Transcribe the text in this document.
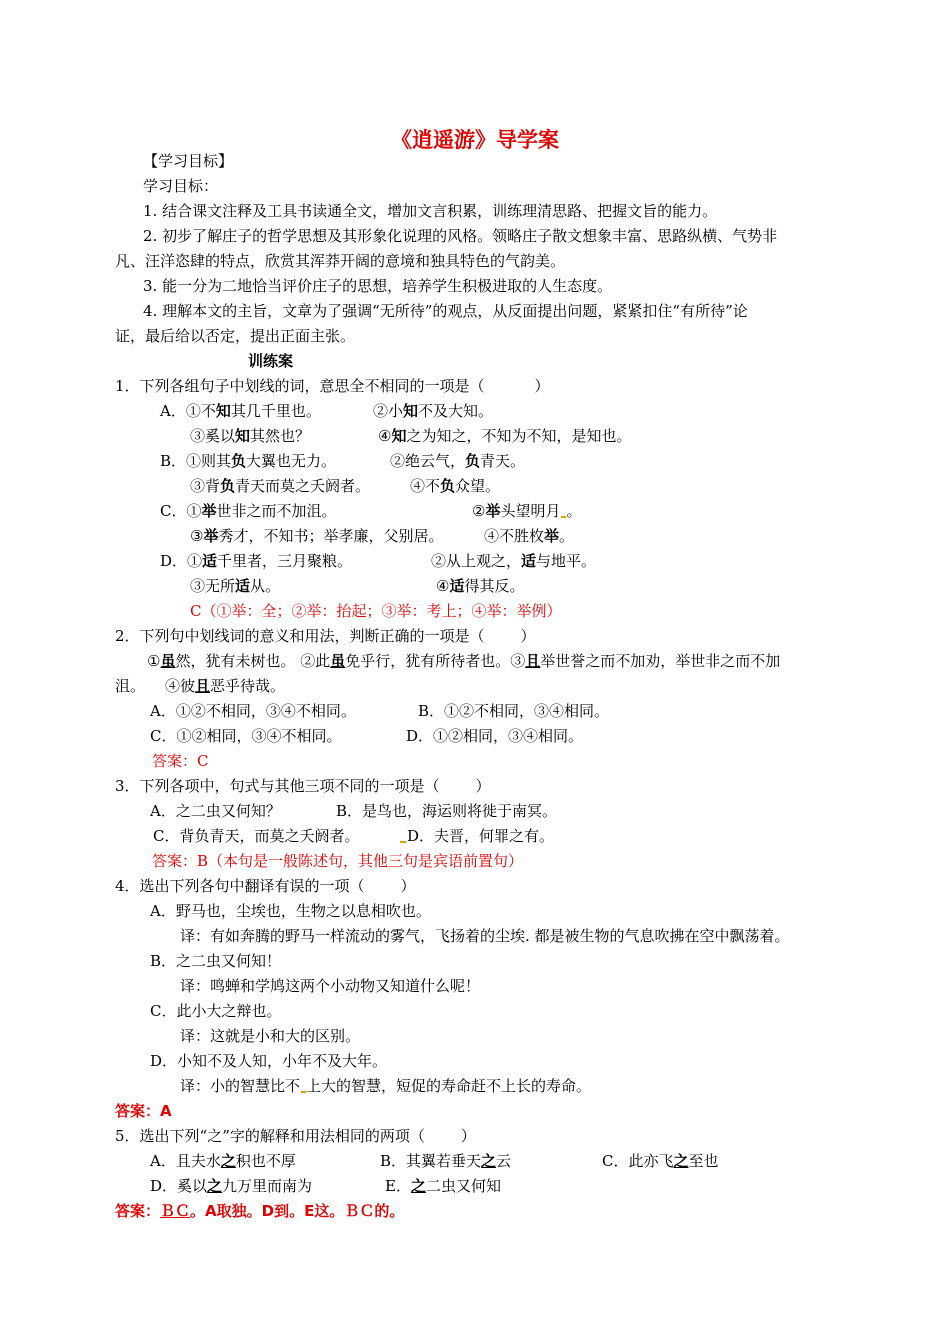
《逍遥游》导学案
【学习目标】
学习目标：
1. 结合课文注释及工具书读通全文，增加文言积累，训练理清思路、把握文旨的能力。
2. 初步了解庄子的哲学思想及其形象化说理的风格。领略庄子散文想象丰富、思路纵横、气势非
凡、汪洋恣肆的特点，欣赏其浑莽开阔的意境和独具特色的气韵美。
3. 能一分为二地恰当评价庄子的思想，培养学生积极进取的人生态度。
4. 理解本文的主旨，文章为了强调“无所待”的观点，从反面提出问题，紧紧扣住“有所待”论
证，最后给以否定，提出正面主张。
训练案
1．下列各组句子中划线的词，意思全不相同的一项是（	）
A．①不知其几千里也。	②小知不及大知。
③奚以知其然也？	④知之为知之，不知为不知，是知也。
B．①则其负大翼也无力。	②绝云气，负青天。
③背负青天而莫之夭阏者。	④不负众望。
C．①举世非之而不加沮。	②举头望明月 。
③举秀才，不知书；举孝廉，父别居。	④不胜枚举。
D．①适千里者，三月聚粮。	②从上观之，适与地平。
③无所适从。	④适得其反。
C（①举：全；②举：抬起；③举：考上；④举：举例）
2．下列句中划线词的意义和用法，判断正确的一项是（ ）
①虽然，犹有未树也。 ②此虽免乎行，犹有所待者也。③且举世誉之而不加劝，举世非之而不加
沮。 ④彼且恶乎待哉。
A．①②不相同，③④不相同。	B．①②不相同，③④相同。
C．①②相同，③④不相同。	D．①②相同，③④相同。
答案：C
3．下列各项中，句式与其他三项不同的一项是（ ）
A．之二虫又何知？	B．是鸟也，海运则将徙于南冥。
C．背负青天，而莫之夭阏者。	D．夫晋，何罪之有。
答案：B（本句是一般陈述句，其他三句是宾语前置句）
4．选出下列各句中翻译有误的一项（ ）
A．野马也，尘埃也，生物之以息相吹也。
译：有如奔腾的野马一样流动的雾气，飞扬着的尘埃. 都是被生物的气息吹拂在空中飘荡着。
B．之二虫又何知！
译：鸣蝉和学鸠这两个小动物又知道什么呢！
C．此小大之辩也。
译：这就是小和大的区别。
D．小知不及人知，小年不及大年。
译：小的智慧比不 上大的智慧，短促的寿命赶不上长的寿命。
答案：A
5．选出下列“之”字的解释和用法相同的两项（ ）
A．且夫水之积也不厚	B．其翼若垂天之云	C．此亦飞之至也
D．奚以之九万里而南为	E．之二虫又何知
答案：ＢＣ。A取独。D到。E这。ＢＣ的。
